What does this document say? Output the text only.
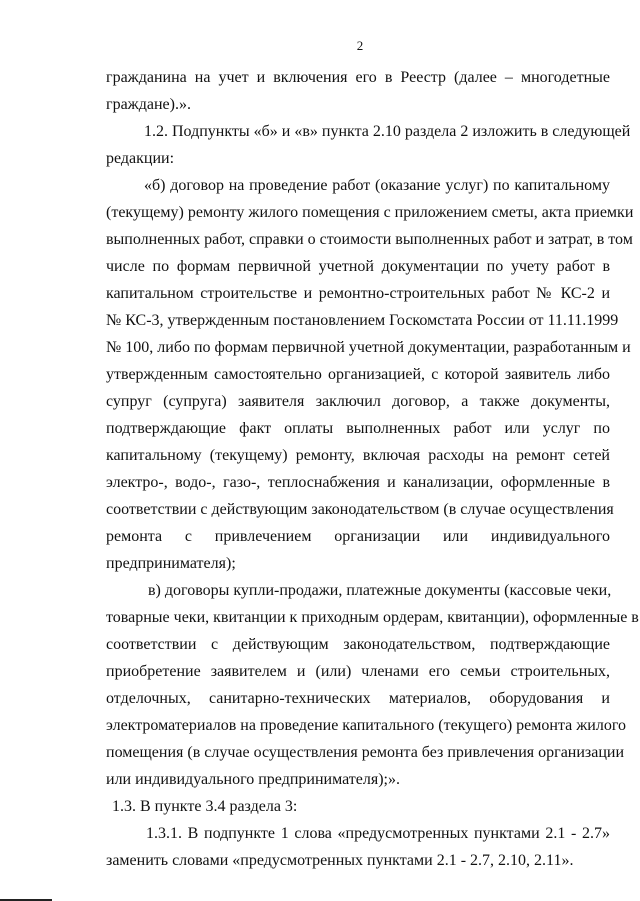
2
гражданина на учет и включения его в Реестр (далее – многодетные
граждане).».
1.2. Подпункты «б» и «в» пункта 2.10 раздела 2 изложить в следующей
редакции:
«б) договор на проведение работ (оказание услуг) по капитальному
(текущему) ремонту жилого помещения с приложением сметы, акта приемки
выполненных работ, справки о стоимости выполненных работ и затрат, в том
числе по формам первичной учетной документации по учету работ в
капитальном строительстве и ремонтно-строительных работ № КС-2 и
№ КС-3, утвержденным постановлением Госкомстата России от 11.11.1999
№ 100, либо по формам первичной учетной документации, разработанным и
утвержденным самостоятельно организацией, с которой заявитель либо
супруг (супруга) заявителя заключил договор, а также документы,
подтверждающие факт оплаты выполненных работ или услуг по
капитальному (текущему) ремонту, включая расходы на ремонт сетей
электро-, водо-, газо-, теплоснабжения и канализации, оформленные в
соответствии с действующим законодательством (в случае осуществления
ремонта с привлечением организации или индивидуального
предпринимателя);
в) договоры купли-продажи, платежные документы (кассовые чеки,
товарные чеки, квитанции к приходным ордерам, квитанции), оформленные в
соответствии с действующим законодательством, подтверждающие
приобретение заявителем и (или) членами его семьи строительных,
отделочных, санитарно-технических материалов, оборудования и
электроматериалов на проведение капитального (текущего) ремонта жилого
помещения (в случае осуществления ремонта без привлечения организации
или индивидуального предпринимателя);».
1.3. В пункте 3.4 раздела 3:
1.3.1. В подпункте 1 слова «предусмотренных пунктами 2.1 - 2.7»
заменить словами «предусмотренных пунктами 2.1 - 2.7, 2.10, 2.11».
